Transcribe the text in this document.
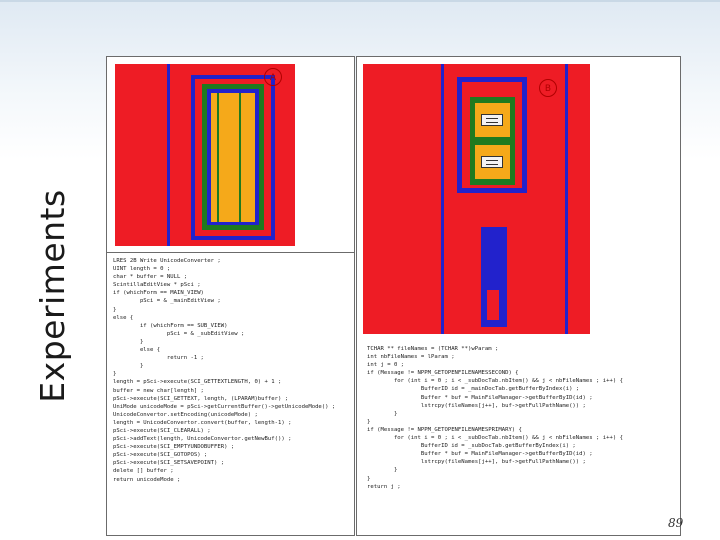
Experiments
A
LRES 2B Write UnicodeConverter ;
UINT length = 0 ;
char * buffer = NULL ;
ScintillaEditView * pSci ;
if (whichForm == MAIN_VIEW)
pSci = & _mainEditView ;
}
else {
if (whichForm == SUB_VIEW)
pSci = & _subEditView ;
}
else {
return -1 ;
}
}
length = pSci->execute(SCI_GETTEXTLENGTH, 0) + 1 ;
buffer = new char[length] ;
pSci->execute(SCI_GETTEXT, length, (LPARAM)buffer) ;
UniMode unicodeMode = pSci->getCurrentBuffer()->getUnicodeMode() ;
UnicodeConvertor.setEncoding(unicodeMode) ;
length = UnicodeConvertor.convert(buffer, length-1) ;
pSci->execute(SCI_CLEARALL) ;
pSci->addText(length, UnicodeConvertor.getNewBuf()) ;
pSci->execute(SCI_EMPTYUNDOBUFFER) ;
pSci->execute(SCI_GOTOPOS) ;
pSci->execute(SCI_SETSAVEPOINT) ;
delete [] buffer ;
return unicodeMode ;
B
TCHAR ** fileNames = (TCHAR **)wParam ;
int nbFileNames = lParam ;
int j = 0 ;
if (Message != NPPM_GETOPENFILENAMESSECOND) {
for (int i = 0 ; i < _subDocTab.nbItem() && j < nbFileNames ; i++) {
BufferID id = _mainDocTab.getBufferByIndex(i) ;
Buffer * buf = MainFileManager->getBufferByID(id) ;
lstrcpy(fileNames[j++], buf->getFullPathName()) ;
}
}
if (Message != NPPM_GETOPENFILENAMESPRIMARY) {
for (int i = 0 ; i < _subDocTab.nbItem() && j < nbFileNames ; i++) {
BufferID id = _subDocTab.getBufferByIndex(i) ;
Buffer * buf = MainFileManager->getBufferByID(id) ;
lstrcpy(fileNames[j++], buf->getFullPathName()) ;
}
}
return j ;
89
